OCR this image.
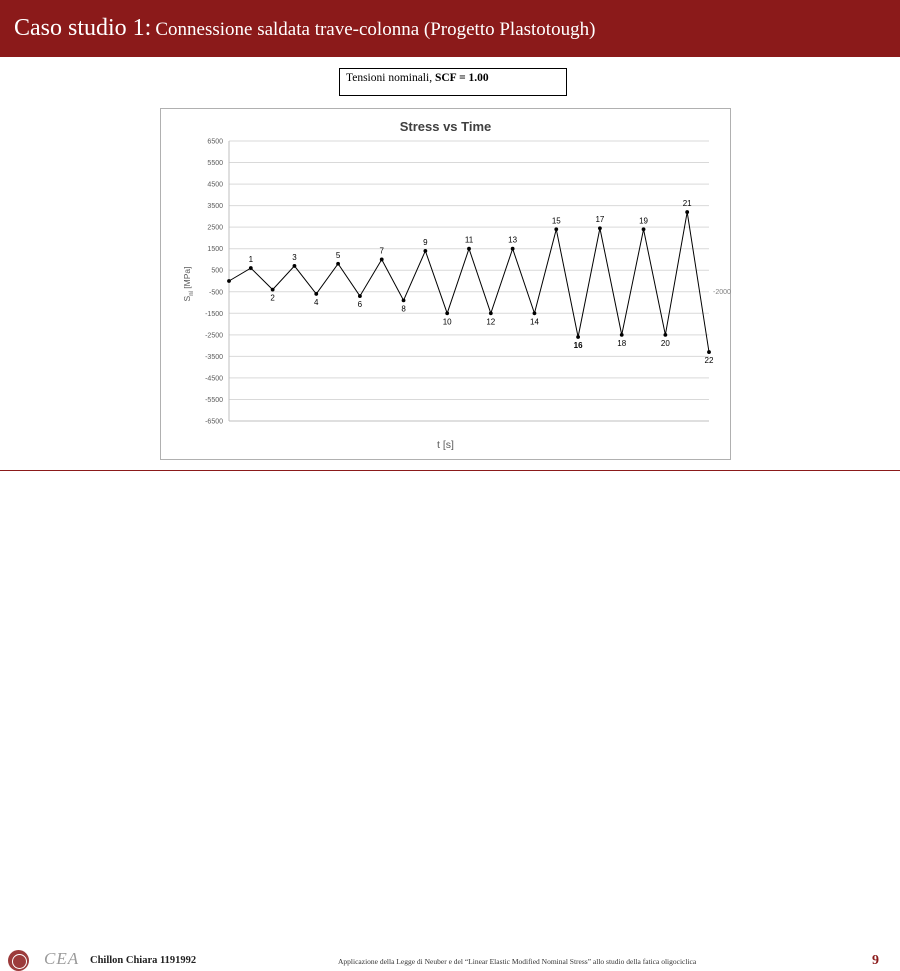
Caso studio 1: Connessione saldata trave-colonna (Progetto Plastotough)
Tensioni nominali, SCF = 1.00
Stress vs Time
$S_{nl}$ [MPa]
t [s]
6500
5500
4500
3500
2500
1500
500
-500
-1500
-2500
-3500
-4500
-5500
-6500
1
2
3
4
5
6
7
8
9
10
11
12
13
14
15
16
17
18
19
20
21
22
-2000
CEA Chillon Chiara 1191992	Applicazione della Legge di Neuber e del “Linear Elastic Modified Nominal Stress” allo studio della fatica oligociclica	9
